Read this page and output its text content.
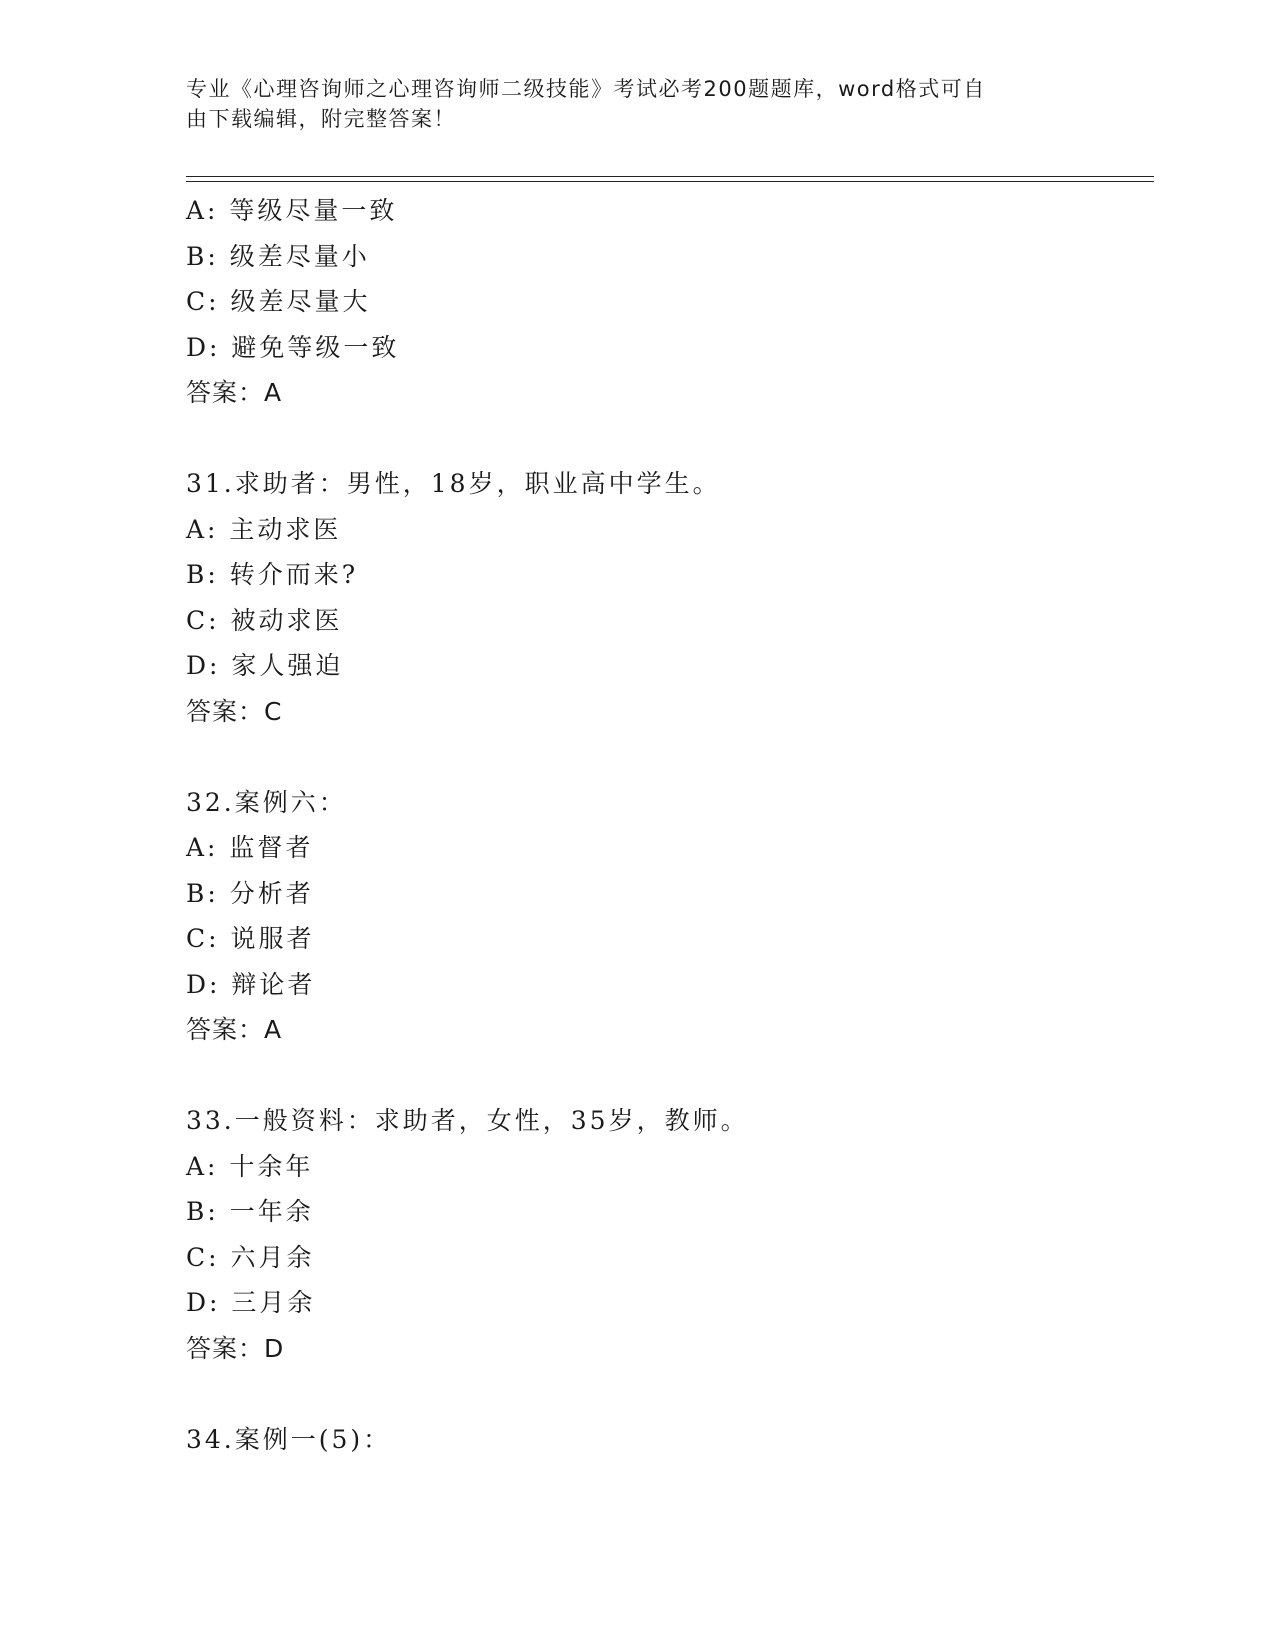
专业《心理咨询师之心理咨询师二级技能》考试必考200题题库，word格式可自
由下载编辑，附完整答案！
A: 等级尽量一致
B: 级差尽量小
C: 级差尽量大
D: 避免等级一致
答案：A
31.求助者：男性，18岁，职业高中学生。
A: 主动求医
B: 转介而来?
C: 被动求医
D: 家人强迫
答案：C
32.案例六：
A: 监督者
B: 分析者
C: 说服者
D: 辩论者
答案：A
33.一般资料：求助者，女性，35岁，教师。
A: 十余年
B: 一年余
C: 六月余
D: 三月余
答案：D
34.案例一(5)：
